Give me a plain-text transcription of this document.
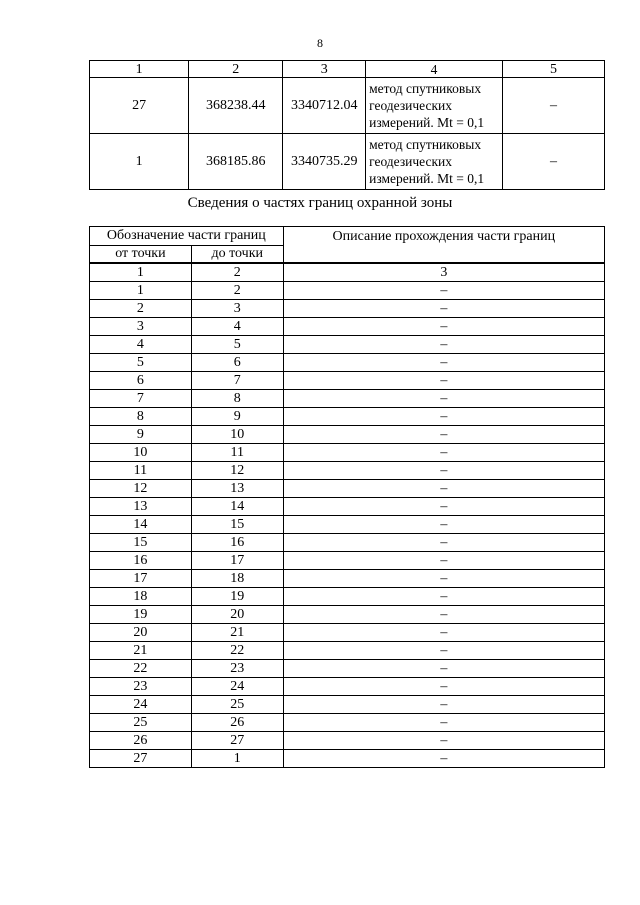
8
1	2	3	4	5
27	368238.44	3340712.04	метод спутниковых
геодезических
измерений. Mt = 0,1	–
1	368185.86	3340735.29	метод спутниковых
геодезических
измерений. Mt = 0,1	–
Сведения о частях границ охранной зоны
Обозначение части границ		Описание прохождения части границ
от точки	до точки	
1	2	3
1	2	–
2	3	–
3	4	–
4	5	–
5	6	–
6	7	–
7	8	–
8	9	–
9	10	–
10	11	–
11	12	–
12	13	–
13	14	–
14	15	–
15	16	–
16	17	–
17	18	–
18	19	–
19	20	–
20	21	–
21	22	–
22	23	–
23	24	–
24	25	–
25	26	–
26	27	–
27	1	–
